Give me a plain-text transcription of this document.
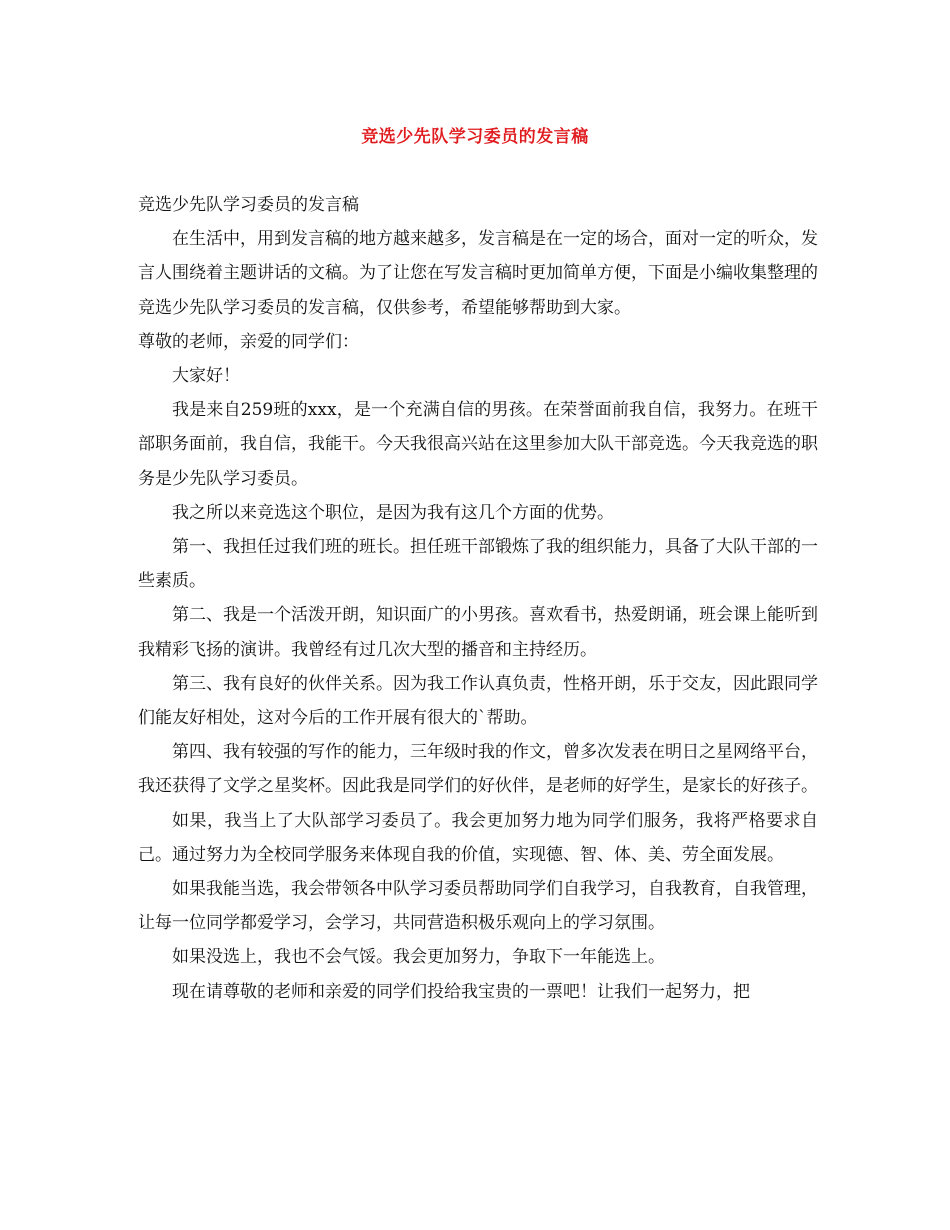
竞选少先队学习委员的发言稿

竞选少先队学习委员的发言稿

在生活中，用到发言稿的地方越来越多，发言稿是在一定的场合，面对一定的听众，发言人围绕着主题讲话的文稿。为了让您在写发言稿时更加简单方便，下面是小编收集整理的竞选少先队学习委员的发言稿，仅供参考，希望能够帮助到大家。

尊敬的老师，亲爱的同学们：

大家好！

我是来自259班的xxx，是一个充满自信的男孩。在荣誉面前我自信，我努力。在班干部职务面前，我自信，我能干。今天我很高兴站在这里参加大队干部竞选。今天我竞选的职务是少先队学习委员。

我之所以来竞选这个职位，是因为我有这几个方面的优势。

第一、我担任过我们班的班长。担任班干部锻炼了我的组织能力，具备了大队干部的一些素质。

第二、我是一个活泼开朗，知识面广的小男孩。喜欢看书，热爱朗诵，班会课上能听到我精彩飞扬的演讲。我曾经有过几次大型的播音和主持经历。

第三、我有良好的伙伴关系。因为我工作认真负责，性格开朗，乐于交友，因此跟同学们能友好相处，这对今后的工作开展有很大的`帮助。

第四、我有较强的写作的能力，三年级时我的作文，曾多次发表在明日之星网络平台，我还获得了文学之星奖杯。因此我是同学们的好伙伴，是老师的好学生，是家长的好孩子。

如果，我当上了大队部学习委员了。我会更加努力地为同学们服务，我将严格要求自己。通过努力为全校同学服务来体现自我的价值，实现德、智、体、美、劳全面发展。

如果我能当选，我会带领各中队学习委员帮助同学们自我学习，自我教育，自我管理，让每一位同学都爱学习，会学习，共同营造积极乐观向上的学习氛围。

如果没选上，我也不会气馁。我会更加努力，争取下一年能选上。

现在请尊敬的老师和亲爱的同学们投给我宝贵的一票吧！让我们一起努力，把
